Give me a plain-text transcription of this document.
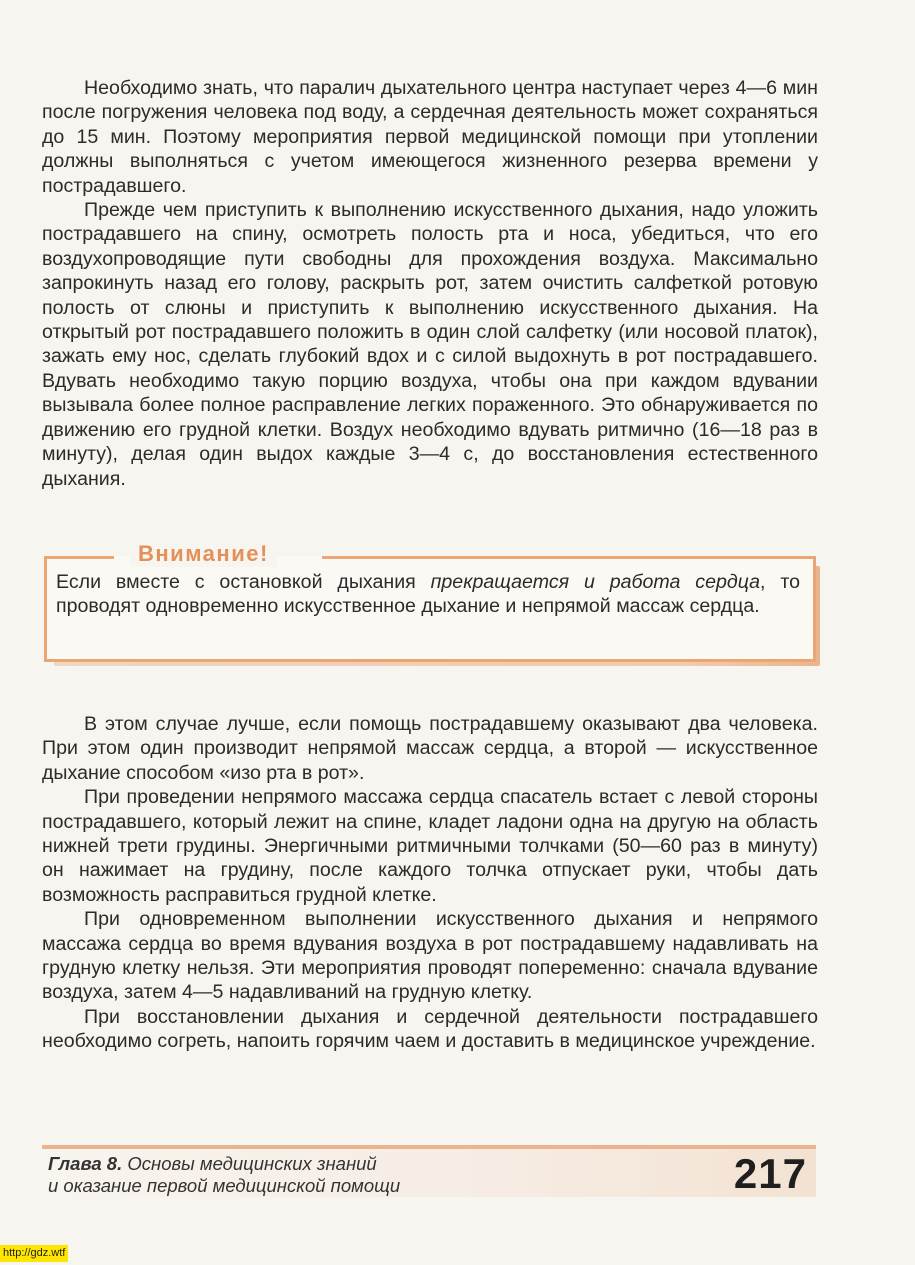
Необходимо знать, что паралич дыхательного центра наступает через 4—6 мин после погружения человека под воду, а сердечная деятельность может сохраняться до 15 мин. Поэтому мероприятия первой медицинской помощи при утоплении должны выполняться с учетом имеющегося жизненного резерва времени у пострадавшего.

Прежде чем приступить к выполнению искусственного дыхания, надо уложить пострадавшего на спину, осмотреть полость рта и носа, убедиться, что его воздухопроводящие пути свободны для прохождения воздуха. Максимально запрокинуть назад его голову, раскрыть рот, затем очистить салфеткой ротовую полость от слюны и приступить к выполнению искусственного дыхания. На открытый рот пострадавшего положить в один слой салфетку (или носовой платок), зажать ему нос, сделать глубокий вдох и с силой выдохнуть в рот пострадавшего. Вдувать необходимо такую порцию воздуха, чтобы она при каждом вдувании вызывала более полное расправление легких пораженного. Это обнаруживается по движению его грудной клетки. Воздух необходимо вдувать ритмично (16—18 раз в минуту), делая один выдох каждые 3—4 с, до восстановления естественного дыхания.

Внимание!
Если вместе с остановкой дыхания прекращается и работа сердца, то проводят одновременно искусственное дыхание и непрямой массаж сердца.

В этом случае лучше, если помощь пострадавшему оказывают два человека. При этом один производит непрямой массаж сердца, а второй — искусственное дыхание способом «изо рта в рот».

При проведении непрямого массажа сердца спасатель встает с левой стороны пострадавшего, который лежит на спине, кладет ладони одна на другую на область нижней трети грудины. Энергичными ритмичными толчками (50—60 раз в минуту) он нажимает на грудину, после каждого толчка отпускает руки, чтобы дать возможность расправиться грудной клетке.

При одновременном выполнении искусственного дыхания и непрямого массажа сердца во время вдувания воздуха в рот пострадавшему надавливать на грудную клетку нельзя. Эти мероприятия проводят попеременно: сначала вдувание воздуха, затем 4—5 надавливаний на грудную клетку.

При восстановлении дыхания и сердечной деятельности пострадавшего необходимо согреть, напоить горячим чаем и доставить в медицинское учреждение.

Глава 8. Основы медицинских знаний
и оказание первой медицинской помощи	217
http://gdz.wtf
